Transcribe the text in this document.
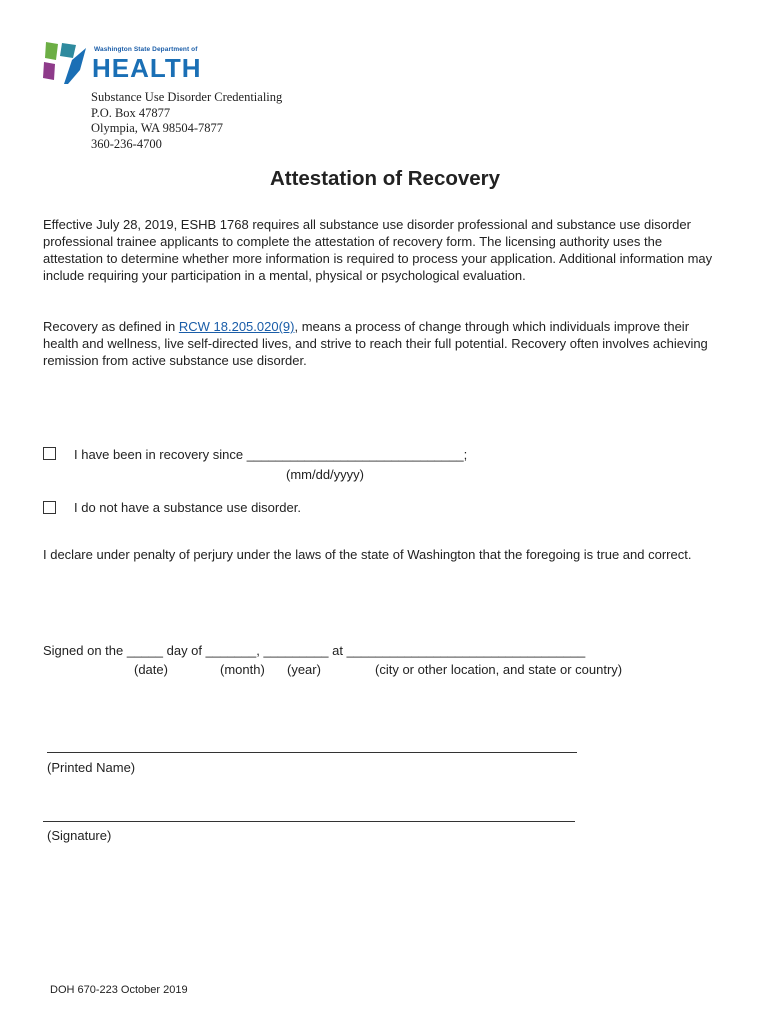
Washington State Department of
HEALTH
Substance Use Disorder Credentialing
P.O. Box 47877
Olympia, WA 98504-7877
360-236-4700
Attestation of Recovery
Effective July 28, 2019, ESHB 1768 requires all substance use disorder professional and substance use disorder professional trainee applicants to complete the attestation of recovery form. The licensing authority uses the attestation to determine whether more information is required to process your application. Additional information may include requiring your participation in a mental, physical or psychological evaluation.
Recovery as defined in RCW 18.205.020(9), means a process of change through which individuals improve their health and wellness, live self-directed lives, and strive to reach their full potential. Recovery often involves achieving remission from active substance use disorder.
I have been in recovery since ______________________________;
(mm/dd/yyyy)
I do not have a substance use disorder.
I declare under penalty of perjury under the laws of the state of Washington that the foregoing is true and correct.
Signed on the _____ day of _______, _________ at _________________________________
(date)	(month) (year)	(city or other location, and state or country)
(Printed Name)
(Signature)
DOH 670-223 October 2019
